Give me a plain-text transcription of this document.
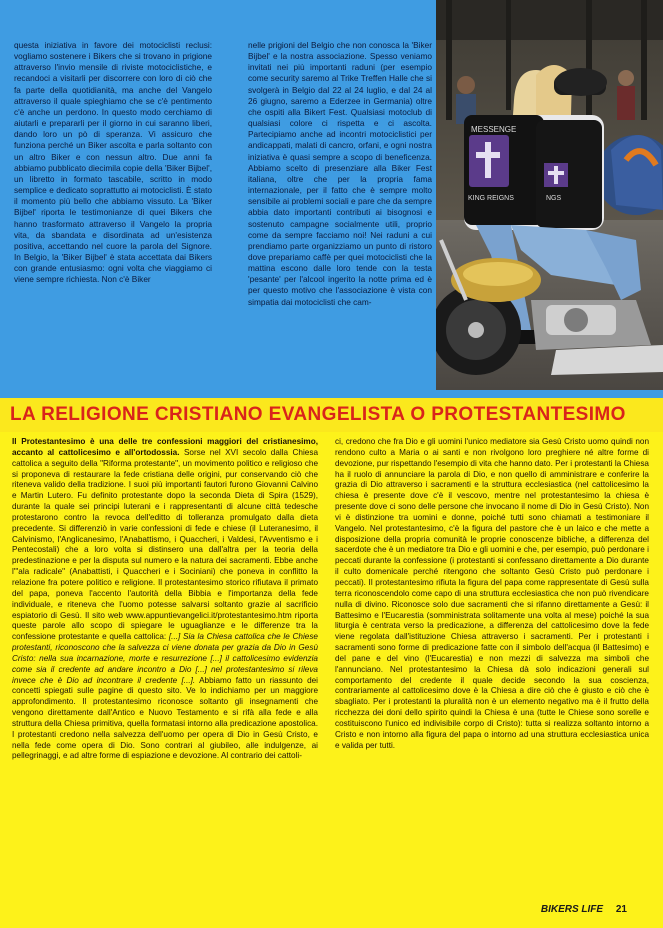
questa iniziativa in favore dei motociclisti reclusi: vogliamo sostenere i Bikers che si trovano in prigione attraverso l'invio mensile di riviste motociclistiche, e recandoci a visitarli per discorrere con loro di ciò che fa parte della quotidianità, ma anche del Vangelo attraverso il quale spieghiamo che se c'è pentimento c'è anche un perdono. In questo modo cerchiamo di aiutarli e prepararli per il giorno in cui saranno liberi, dando loro un pò di speranza. Vi assicuro che funziona perché un Biker ascolta e parla soltanto con un altro Biker e con nessun altro. Due anni fa abbiamo pubblicato diecimila copie della 'Biker Bijbel', un libretto in formato tascabile, scritto in modo semplice e dedicato soprattutto ai motociclisti. È stato il momento più bello che abbiamo vissuto. La 'Biker Bijbel' riporta le testimonianze di quei Bikers che hanno trasformato attraverso il Vangelo la propria vita, da sbandata e disordinata ad un'esistenza positiva, accettando nel cuore la parola del Signore. In Belgio, la 'Biker Bijbel' è stata accettata dai Bikers con grande entusiasmo: ogni volta che viaggiamo ci viene sempre richiesta. Non c'è Biker
nelle prigioni del Belgio che non conosca la 'Biker Bijbel' e la nostra associazione. Spesso veniamo invitati nei più importanti raduni (per esempio come security saremo al Trike Treffen Halle che si svolgerà in Belgio dal 22 al 24 luglio, e dal 24 al 26 giugno, saremo a Ederzee in Germania) oltre che ospiti alla Bikert Fest. Qualsiasi motoclub di qualsiasi colore ci rispetta e ci ascolta. Partecipiamo anche ad incontri motociclistici per andicappati, malati di cancro, orfani, e ogni nostra iniziativa è quasi sempre a scopo di beneficenza. Abbiamo scelto di presenziare alla Biker Fest italiana, oltre che per la propria fama internazionale, per il fatto che è sempre molto sensibile ai problemi sociali e pare che da sempre abbia dato importanti contributi ai bisognosi e sostenuto campagne socialmente utili, proprio come da sempre facciamo noi! Nei raduni a cui prendiamo parte organizziamo un punto di ristoro dove prepariamo caffè per quei motociclisti che la mattina escono dalle loro tende con la testa 'pesante' per l'alcool ingerito la notte prima ed è per questo motivo che l'associazione è vista con simpatia dai motociclisti che cam-
MESSENGE
KING REIGNS	NGS
LA RELIGIONE CRISTIANO EVANGELISTA O PROTESTANTESIMO
Il Protestantesimo è una delle tre confessioni maggiori del cristianesimo, accanto al cattolicesimo e all'ortodossia. Sorse nel XVI secolo dalla Chiesa cattolica a seguito della "Riforma protestante", un movimento politico e religioso che si proponeva di restaurare la fede cristiana delle origini, pur conservando ciò che riteneva valido della tradizione. I suoi più importanti fautori furono Giovanni Calvino e Martin Lutero. Fu definito protestante dopo la seconda Dieta di Spira (1529), durante la quale sei principi luterani e i rappresentanti di alcune città tedesche protestarono contro la revoca dell'editto di tolleranza promulgato dalla dieta precedente. Si differenziò in varie confessioni di fede e chiese (il Luteranesimo, il Calvinismo, l'Anglicanesimo, l'Anabattismo, i Quaccheri, i Valdesi, l'Avventismo e i Pentecostali) che a loro volta si distinsero una dall'altra per la teoria della predestinazione e per la disputa sul numero e la natura dei sacramenti. Ebbe anche l'"ala radicale" (Anabattisti, i Quaccheri e i Sociniani) che poneva in conflitto la relazione fra potere politico e religione. Il protestantesimo storico rifiutava il primato del papa, poneva l'accento l'autorità della Bibbia e l'importanza della fede individuale, e riteneva che l'uomo potesse salvarsi soltanto grazie al sacrificio espiatorio di Gesù. Il sito web www.appuntievangelici.it/protestantesimo.htm riporta queste parole allo scopo di spiegare le uguaglianze e le differenze tra la confessione protestante e quella cattolica: [...] Sia la Chiesa cattolica che le Chiese protestanti, riconoscono che la salvezza ci viene donata per grazia da Dio in Gesù Cristo: nella sua incarnazione, morte e resurrezione [...] il cattolicesimo evidenzia come sia il credente ad andare incontro a Dio [...] nel protestantesimo si rileva invece che è Dio ad incontrare il credente [...]. Abbiamo fatto un riassunto dei concetti spiegati sulle pagine di questo sito. Ve lo indichiamo per un maggiore approfondimento. Il protestantesimo riconosce soltanto gli insegnamenti che vengono direttamente dall'Antico e Nuovo Testamento e si rifà alla fede e alla struttura della Chiesa primitiva, quella formatasi intorno alla predicazione apostolica. I protestanti credono nella salvezza dell'uomo per opera di Dio in Gesù Cristo, e nella fede come opera di Dio. Sono contrari al giubileo, alle indulgenze, ai pellegrinaggi, e ad altre forme di espiazione e devozione. Al contrario dei cattoli-
ci, credono che fra Dio e gli uomini l'unico mediatore sia Gesù Cristo uomo quindi non rendono culto a Maria o ai santi e non rivolgono loro preghiere né altre forme di devozione, pur rispettando l'esempio di vita che hanno dato. Per i protestanti la Chiesa ha il ruolo di annunciare la parola di Dio, e non quello di amministrare e conferire la grazia di Dio attraverso i sacramenti e la struttura ecclesiastica (nel cattolicesimo la chiesa è presente dove c'è il vescovo, mentre nel protestantesimo la chiesa è presente dove ci sono delle persone che invocano il nome di Dio in Gesù Cristo). Non vi è distinzione tra uomini e donne, poiché tutti sono chiamati a testimoniare il Vangelo. Nel protestantesimo, c'è la figura del pastore che è un laico e che mette a disposizione della propria comunità le proprie conoscenze bibliche, a differenza del sacerdote che è un mediatore tra Dio e gli uomini e che, per esempio, può perdonare i peccati durante la confessione (i protestanti si confessano direttamente a Dio durante il culto domenicale perché ritengono che soltanto Gesù Cristo può perdonare i peccati). Il protestantesimo rifiuta la figura del papa come rappresentate di Gesù sulla terra riconoscendolo come capo di una struttura ecclesiastica che non può rivendicare nulla di divino. Riconosce solo due sacramenti che si rifanno direttamente a Gesù: il Battesimo e l'Eucarestia (somministrata solitamente una volta al mese) poiché la sua liturgia è centrata verso la predicazione, a differenza del cattolicesimo dove la fede viene regolata dall'istituzione Chiesa attraverso i sacramenti. Per i protestanti i sacramenti sono forme di predicazione fatte con il simbolo dell'acqua (il Battesimo) e del pane e del vino (l'Eucarestia) e non mezzi di salvezza ma simboli che l'annunciano. Nel protestantesimo la Chiesa dà solo indicazioni generali sul comportamento del credente il quale decide secondo la sua coscienza, contrariamente al cattolicesimo dove è la Chiesa a dire ciò che è giusto e ciò che è sbagliato. Per i protestanti la pluralità non è un elemento negativo ma è il frutto della ricchezza dei doni dello spirito quindi la Chiesa è una (tutte le Chiese sono sorelle e costituiscono l'unico ed indivisibile corpo di Cristo): tutta si realizza soltanto intorno a Cristo e non intorno alla figura del papa o intorno ad una struttura ecclesiastica unica e valida per tutti.
BIKERS LIFE 21
